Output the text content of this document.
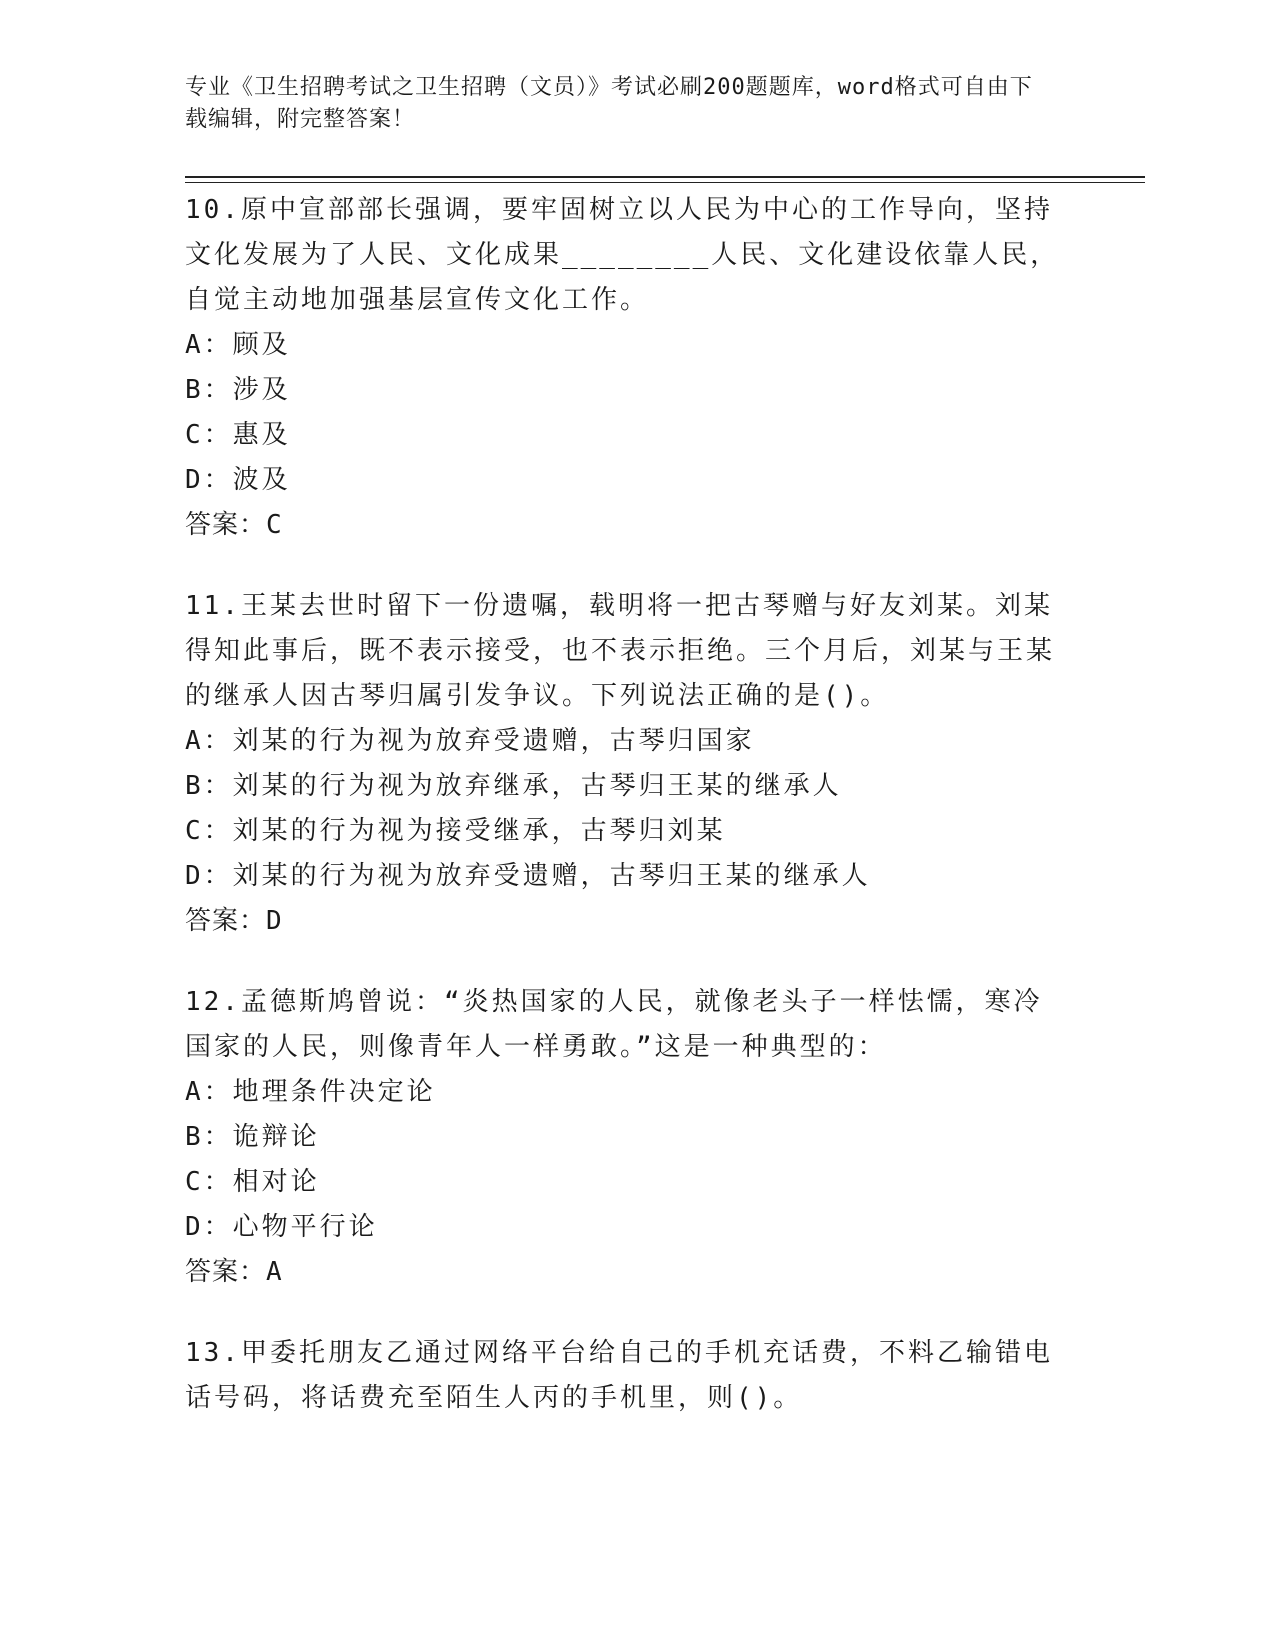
专业《卫生招聘考试之卫生招聘（文员）》考试必刷200题题库，word格式可自由下载编辑，附完整答案！

10.原中宣部部长强调，要牢固树立以人民为中心的工作导向，坚持文化发展为了人民、文化成果________人民、文化建设依靠人民，自觉主动地加强基层宣传文化工作。

A：顾及

B：涉及

C：惠及

D：波及

答案：C

11.王某去世时留下一份遗嘱，载明将一把古琴赠与好友刘某。刘某得知此事后，既不表示接受，也不表示拒绝。三个月后，刘某与王某的继承人因古琴归属引发争议。下列说法正确的是()。

A：刘某的行为视为放弃受遗赠，古琴归国家

B：刘某的行为视为放弃继承，古琴归王某的继承人

C：刘某的行为视为接受继承，古琴归刘某

D：刘某的行为视为放弃受遗赠，古琴归王某的继承人

答案：D

12.孟德斯鸠曾说：“炎热国家的人民，就像老头子一样怯懦，寒冷国家的人民，则像青年人一样勇敢。”这是一种典型的：

A：地理条件决定论

B：诡辩论

C：相对论

D：心物平行论

答案：A

13.甲委托朋友乙通过网络平台给自己的手机充话费，不料乙输错电话号码，将话费充至陌生人丙的手机里，则()。
